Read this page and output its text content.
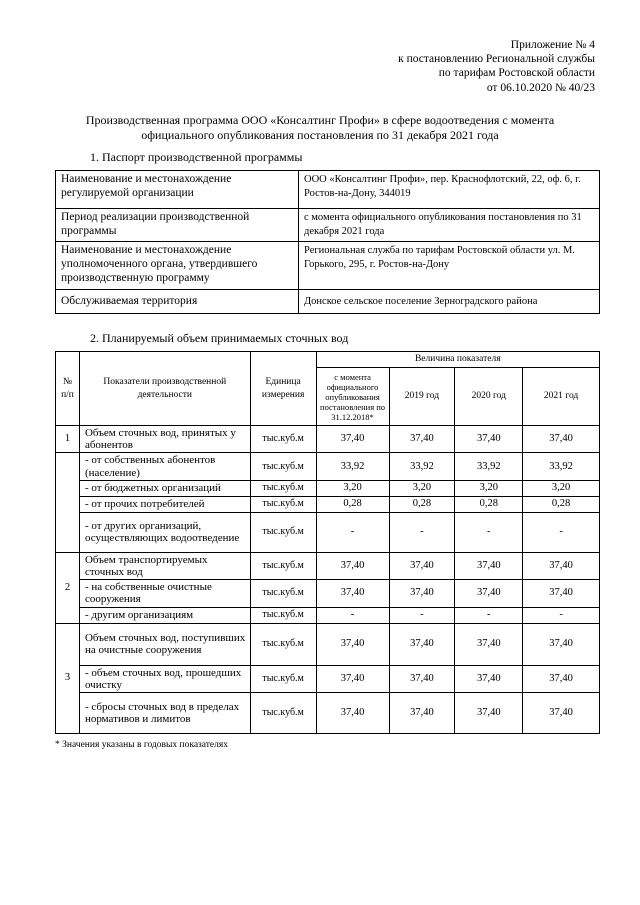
Приложение № 4
к постановлению Региональной службы
по тарифам Ростовской области
от 06.10.2020 № 40/23
Производственная программа ООО «Консалтинг Профи» в сфере водоотведения с момента
официального опубликования постановления по 31 декабря 2021 года
1. Паспорт производственной программы
Наименование и местонахождение регулируемой организации	ООО «Консалтинг Профи», пер. Краснофлотский, 22, оф. 6, г. Ростов-на-Дону, 344019
Период реализации производственной программы	с момента официального опубликования постановления по 31 декабря 2021 года
Наименование и местонахождение уполномоченного органа, утвердившего производственную программу	Региональная служба по тарифам Ростовской области ул. М. Горького, 295, г. Ростов-на-Дону
Обслуживаемая территория	Донское сельское поселение Зерноградского района
2. Планируемый объем принимаемых сточных вод
№ п/п	Показатели производственной деятельности	Единица измерения	Величина показателя			
			с момента официального опубликования постановления по 31.12.2018*	2019 год	2020 год	2021 год
1	Объем сточных вод, принятых у абонентов	тыс.куб.м	37,40	37,40	37,40	37,40
	- от собственных абонентов (население)	тыс.куб.м	33,92	33,92	33,92	33,92
	- от бюджетных организаций	тыс.куб.м	3,20	3,20	3,20	3,20
	- от прочих потребителей	тыс.куб.м	0,28	0,28	0,28	0,28
	- от других организаций, осуществляющих водоотведение	тыс.куб.м	-	-	-	-
2	Объем транспортируемых сточных вод	тыс.куб.м	37,40	37,40	37,40	37,40
	- на собственные очистные сооружения	тыс.куб.м	37,40	37,40	37,40	37,40
	- другим организациям	тыс.куб.м	-	-	-	-
3	Объем сточных вод, поступивших на очистные сооружения	тыс.куб.м	37,40	37,40	37,40	37,40
	- объем сточных вод, прошедших очистку	тыс.куб.м	37,40	37,40	37,40	37,40
	- сбросы сточных вод в пределах нормативов и лимитов	тыс.куб.м	37,40	37,40	37,40	37,40
* Значения указаны в годовых показателях
